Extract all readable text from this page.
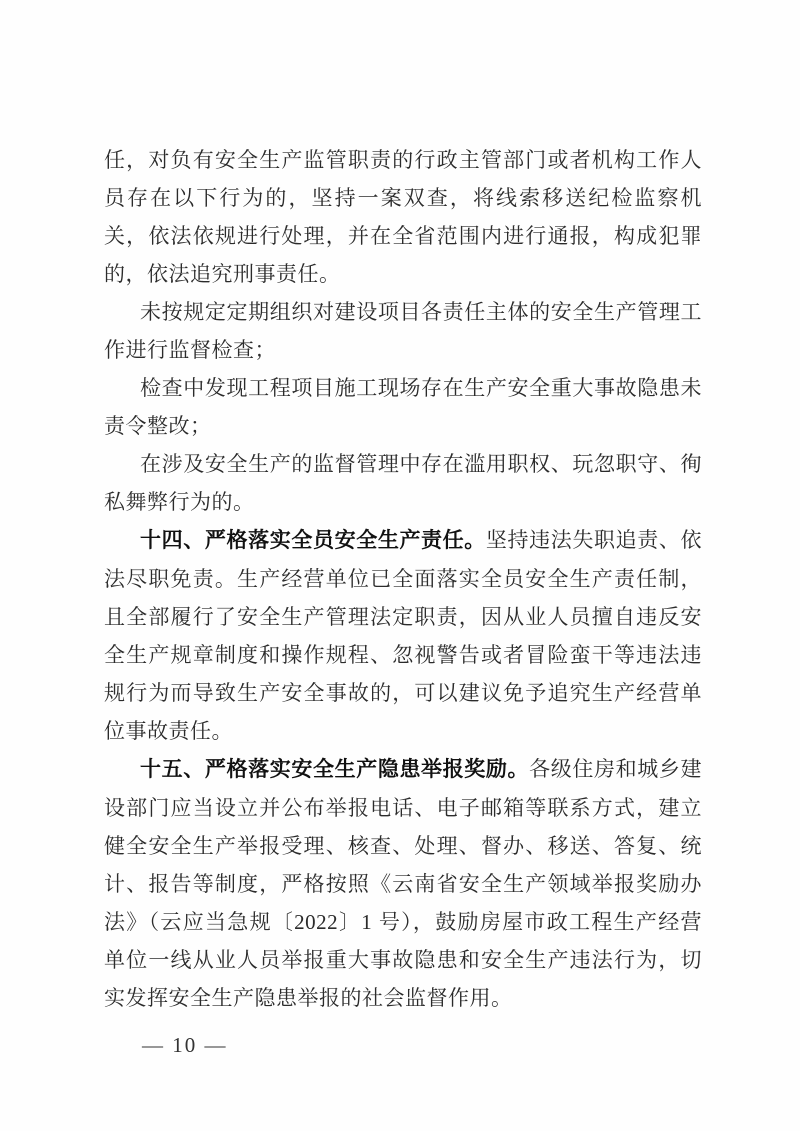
任，对负有安全生产监管职责的行政主管部门或者机构工作人员存在以下行为的，坚持一案双查，将线索移送纪检监察机关，依法依规进行处理，并在全省范围内进行通报，构成犯罪的，依法追究刑事责任。

未按规定定期组织对建设项目各责任主体的安全生产管理工作进行监督检查；

检查中发现工程项目施工现场存在生产安全重大事故隐患未责令整改；

在涉及安全生产的监督管理中存在滥用职权、玩忽职守、徇私舞弊行为的。

十四、严格落实全员安全生产责任。坚持违法失职追责、依法尽职免责。生产经营单位已全面落实全员安全生产责任制，且全部履行了安全生产管理法定职责，因从业人员擅自违反安全生产规章制度和操作规程、忽视警告或者冒险蛮干等违法违规行为而导致生产安全事故的，可以建议免予追究生产经营单位事故责任。

十五、严格落实安全生产隐患举报奖励。各级住房和城乡建设部门应当设立并公布举报电话、电子邮箱等联系方式，建立健全安全生产举报受理、核查、处理、督办、移送、答复、统计、报告等制度，严格按照《云南省安全生产领域举报奖励办法》（云应当急规〔2022〕1 号），鼓励房屋市政工程生产经营单位一线从业人员举报重大事故隐患和安全生产违法行为，切实发挥安全生产隐患举报的社会监督作用。

— 10 —
